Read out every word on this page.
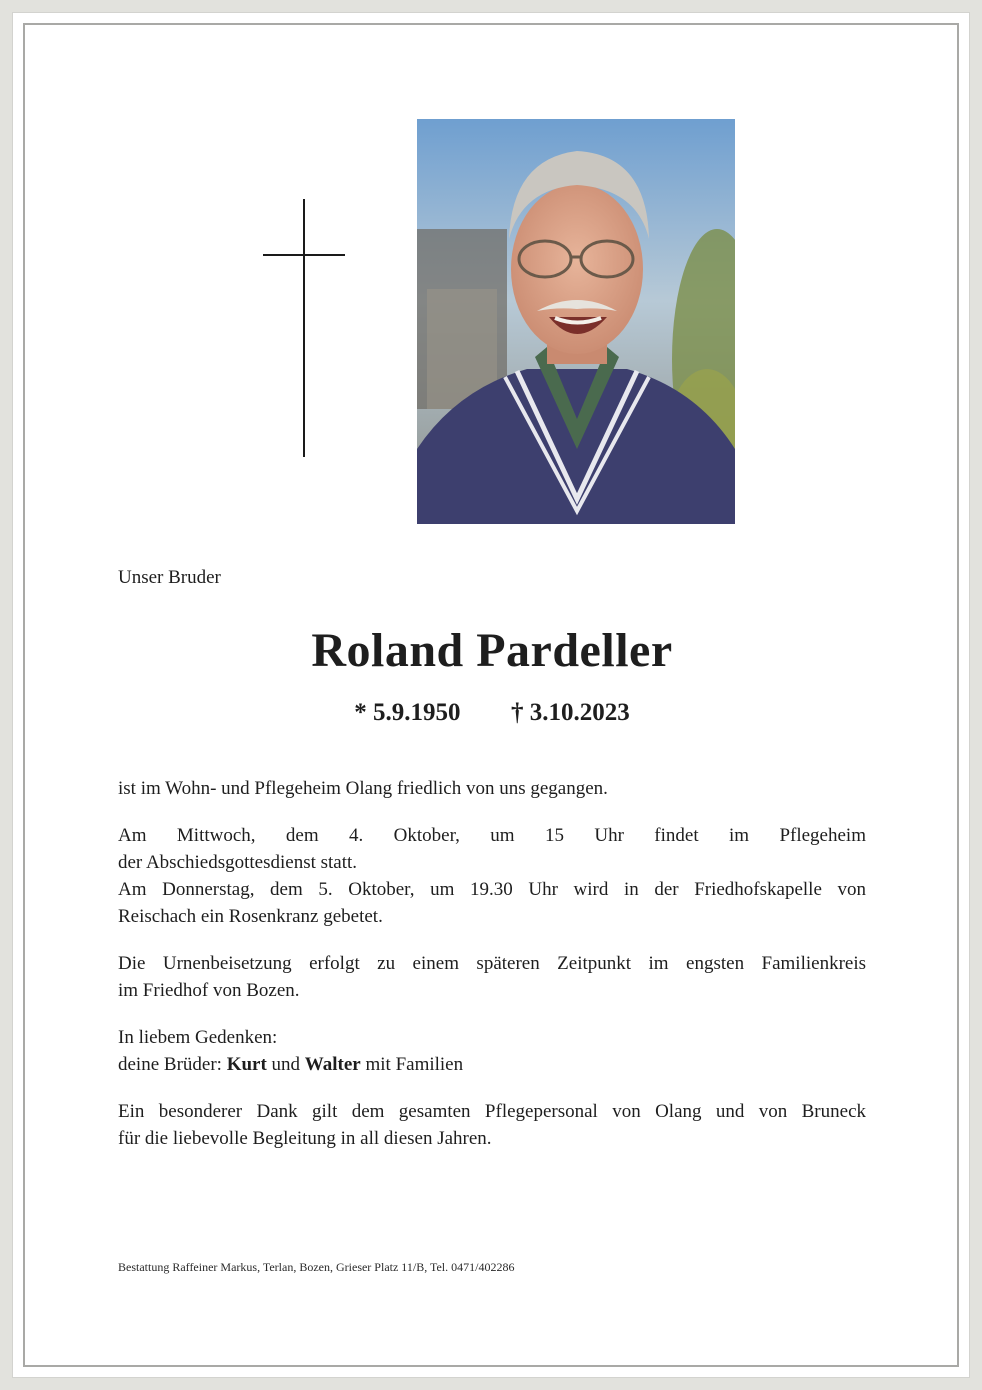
Unser Bruder
Roland Pardeller
* 5.9.1950 † 3.10.2023

ist im Wohn- und Pflegeheim Olang friedlich von uns gegangen.

Am Mittwoch, dem 4. Oktober, um 15 Uhr findet im Pflegeheim

der Abschiedsgottesdienst statt.

Am Donnerstag, dem 5. Oktober, um 19.30 Uhr wird in der Friedhofskapelle von

Reischach ein Rosenkranz gebetet.

Die Urnenbeisetzung erfolgt zu einem späteren Zeitpunkt im engsten Familienkreis

im Friedhof von Bozen.

In liebem Gedenken:

deine Brüder: Kurt und Walter mit Familien

Ein besonderer Dank gilt dem gesamten Pflegepersonal von Olang und von Bruneck

für die liebevolle Begleitung in all diesen Jahren.

Bestattung Raffeiner Markus, Terlan, Bozen, Grieser Platz 11/B, Tel. 0471/402286
